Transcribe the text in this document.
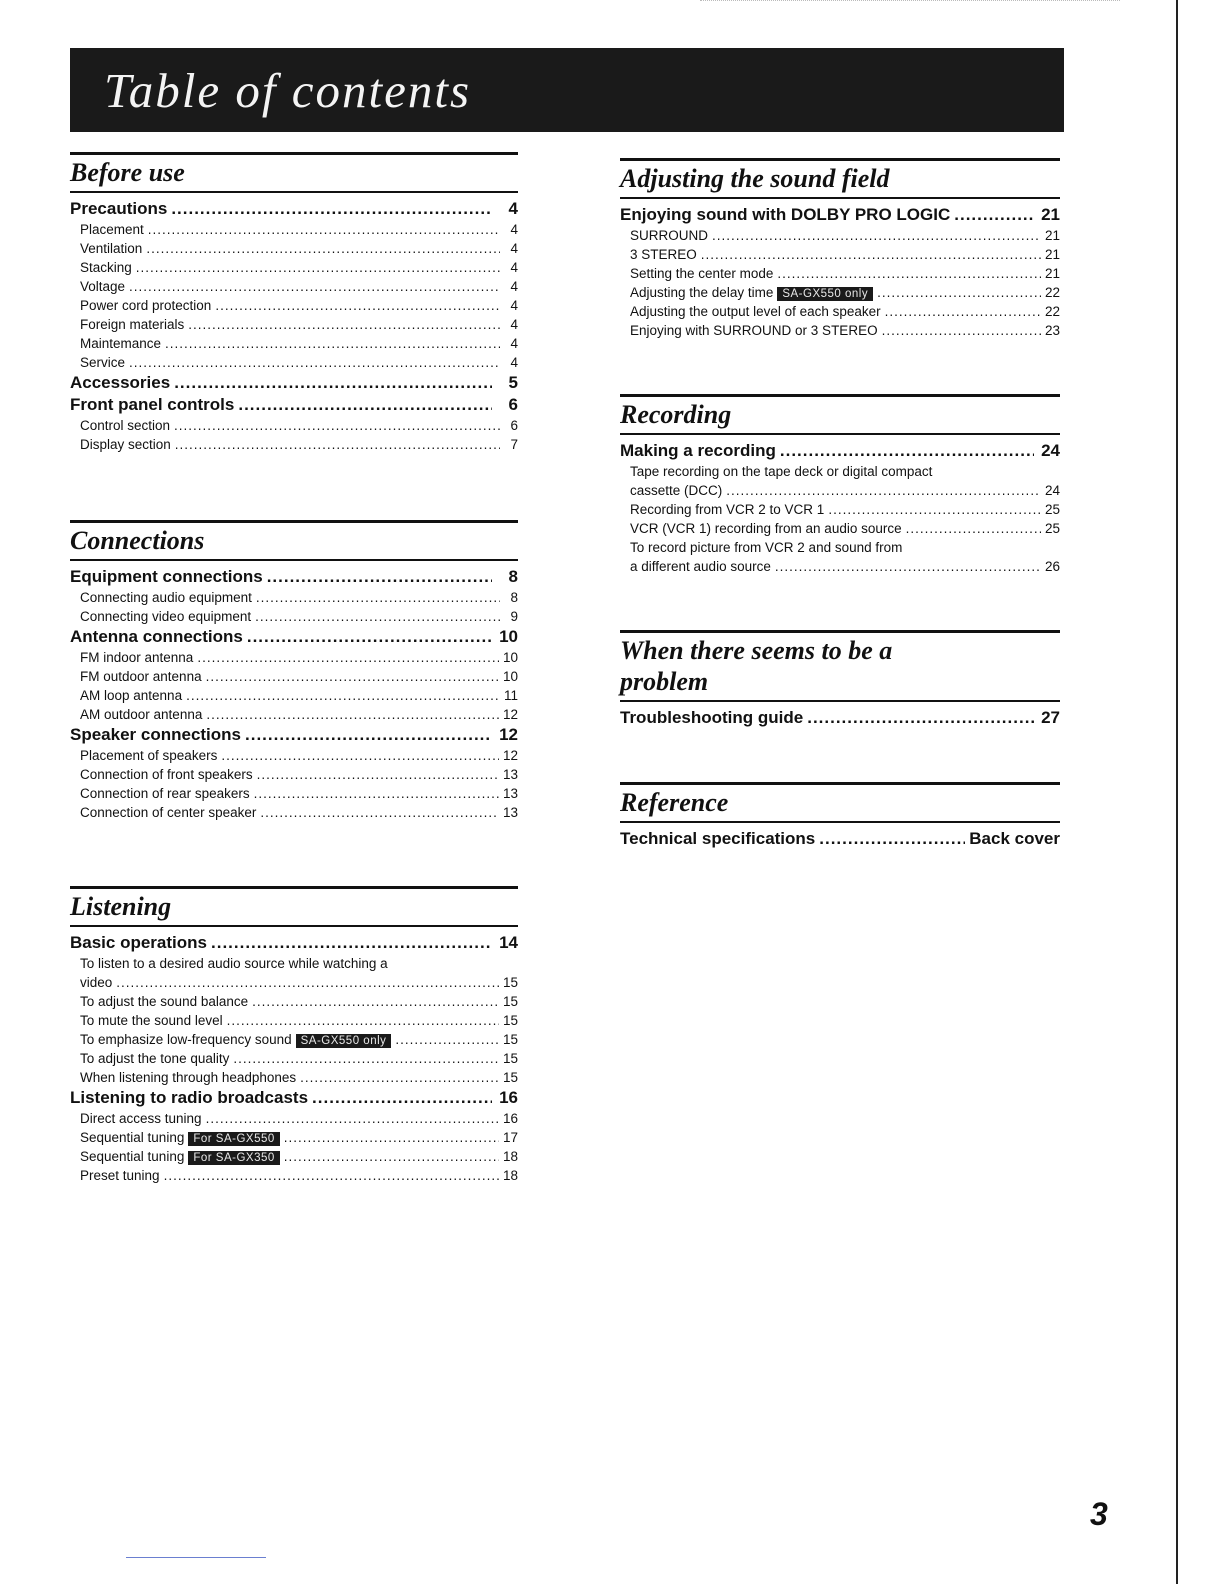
Table of contents
Before use
Precautions .....	4
Placement .....	4
Ventilation .....	4
Stacking .....	4
Voltage .....	4
Power cord protection .....	4
Foreign materials .....	4
Maintemance .....	4
Service .....	4
Accessories .....	5
Front panel controls .....	6
Control section .....	6
Display section .....	7
Connections
Equipment connections .....	8
Connecting audio equipment .....	8
Connecting video equipment .....	9
Antenna connections .....	10
FM indoor antenna .....	10
FM outdoor antenna .....	10
AM loop antenna .....	11
AM outdoor antenna .....	12
Speaker connections .....	12
Placement of speakers .....	12
Connection of front speakers .....	13
Connection of rear speakers .....	13
Connection of center speaker .....	13
Listening
Basic operations .....	14
To listen to a desired audio source while watching a
video .....	15
To adjust the sound balance .....	15
To mute the sound level .....	15
To emphasize low-frequency sound SA-GX550 only .....	15
To adjust the tone quality .....	15
When listening through headphones .....	15
Listening to radio broadcasts .....	16
Direct access tuning .....	16
Sequential tuning For SA-GX550 .....	17
Sequential tuning For SA-GX350 .....	18
Preset tuning .....	18
Adjusting the sound field
Enjoying sound with DOLBY PRO LOGIC .....	21
SURROUND .....	21
3 STEREO .....	21
Setting the center mode .....	21
Adjusting the delay time SA-GX550 only .....	22
Adjusting the output level of each speaker .....	22
Enjoying with SURROUND or 3 STEREO .....	23
Recording
Making a recording .....	24
Tape recording on the tape deck or digital compact
cassette (DCC) .....	24
Recording from VCR 2 to VCR 1 .....	25
VCR (VCR 1) recording from an audio source .....	25
To record picture from VCR 2 and sound from
a different audio source .....	26
When there seems to be a
problem
Troubleshooting guide .....	27
Reference
Technical specifications .....	Back cover
3
